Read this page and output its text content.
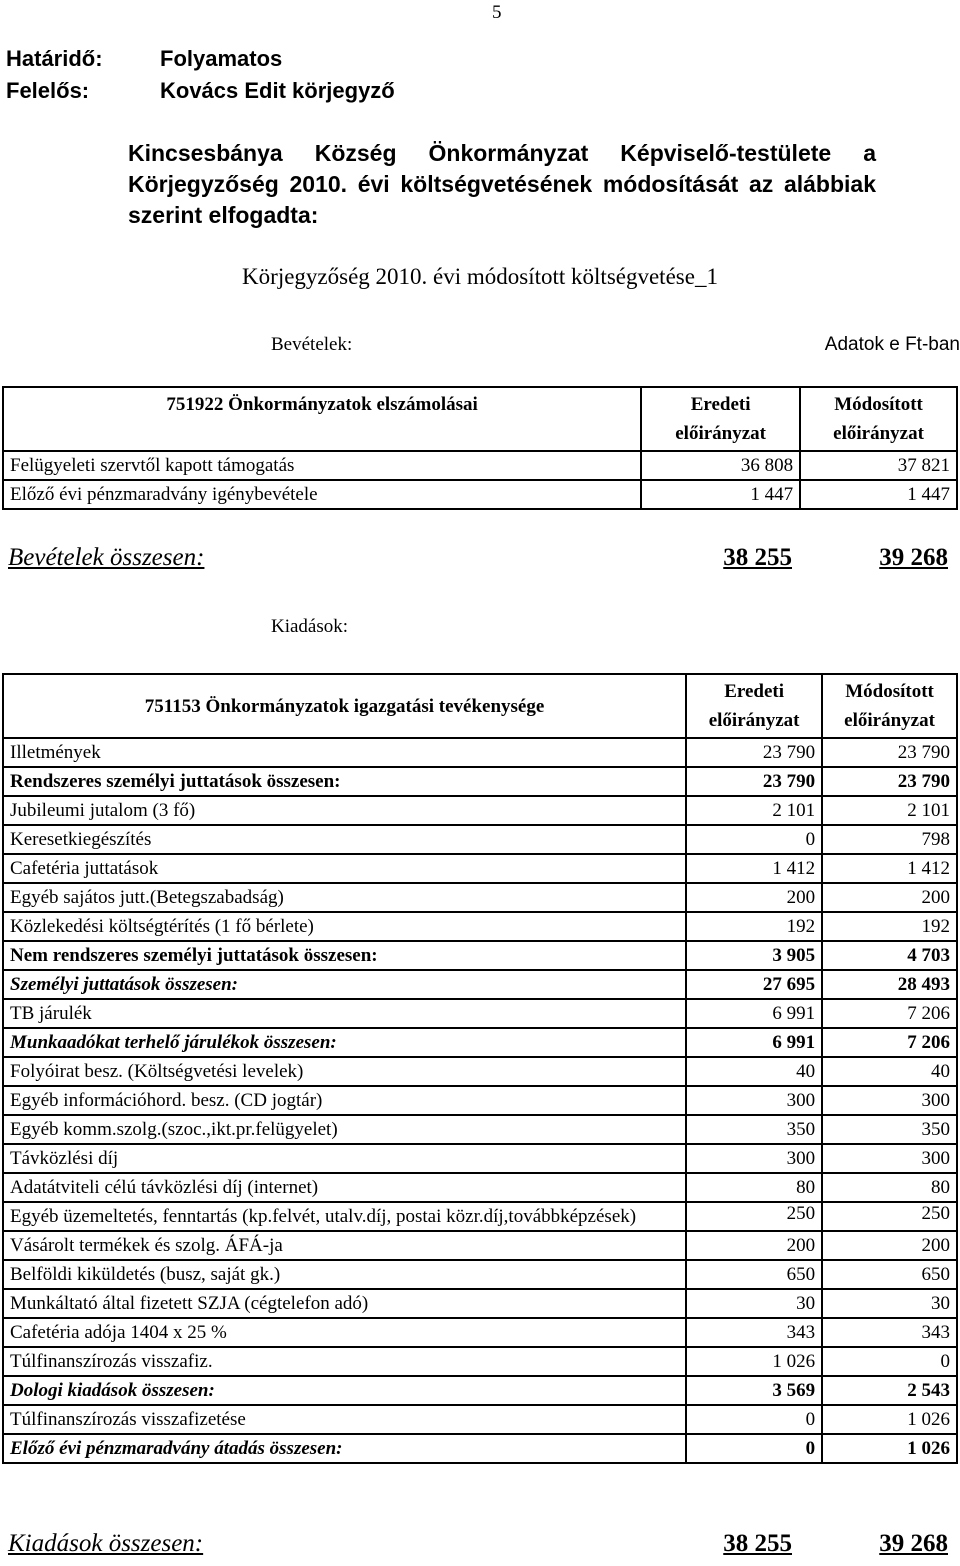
5
Határidő:	Folyamatos
Felelős:	Kovács Edit körjegyző
Kincsesbánya Község Önkormányzat Képviselő-testülete a Körjegyzőség 2010. évi költségvetésének módosítását az alábbiak szerint elfogadta:
Körjegyzőség 2010. évi módosított költségvetése_1
Bevételek:	Adatok e Ft-ban
751922 Önkormányzatok elszámolásai	Eredeti előirányzat	Módosított előirányzat
Felügyeleti szervtől kapott támogatás	36 808	37 821
Előző évi pénzmaradvány igénybevétele	1 447	1 447
Bevételek összesen:	38 255	39 268
Kiadások:
751153 Önkormányzatok igazgatási tevékenysége	Eredeti előirányzat	Módosított előirányzat
Illetmények	23 790	23 790
Rendszeres személyi juttatások összesen:	23 790	23 790
Jubileumi jutalom (3 fő)	2 101	2 101
Keresetkiegészítés	0	798
Cafetéria juttatások	1 412	1 412
Egyéb sajátos jutt.(Betegszabadság)	200	200
Közlekedési költségtérítés (1 fő bérlete)	192	192
Nem rendszeres személyi juttatások összesen:	3 905	4 703
Személyi juttatások összesen:	27 695	28 493
TB járulék	6 991	7 206
Munkaadókat terhelő járulékok összesen:	6 991	7 206
Folyóirat besz. (Költségvetési levelek)	40	40
Egyéb információhord. besz. (CD jogtár)	300	300
Egyéb komm.szolg.(szoc.,ikt.pr.felügyelet)	350	350
Távközlési díj	300	300
Adatátviteli célú távközlési díj (internet)	80	80
Egyéb üzemeltetés, fenntartás (kp.felvét, utalv.díj, postai közr.díj,továbbképzések)	250	250
Vásárolt termékek és szolg. ÁFÁ-ja	200	200
Belföldi kiküldetés (busz, saját gk.)	650	650
Munkáltató által fizetett SZJA (cégtelefon adó)	30	30
Cafetéria adója 1404 x 25 %	343	343
Túlfinanszírozás visszafiz.	1 026	0
Dologi kiadások összesen:	3 569	2 543
Túlfinanszírozás visszafizetése	0	1 026
Előző évi pénzmaradvány átadás összesen:	0	1 026
Kiadások összesen:	38 255	39 268
